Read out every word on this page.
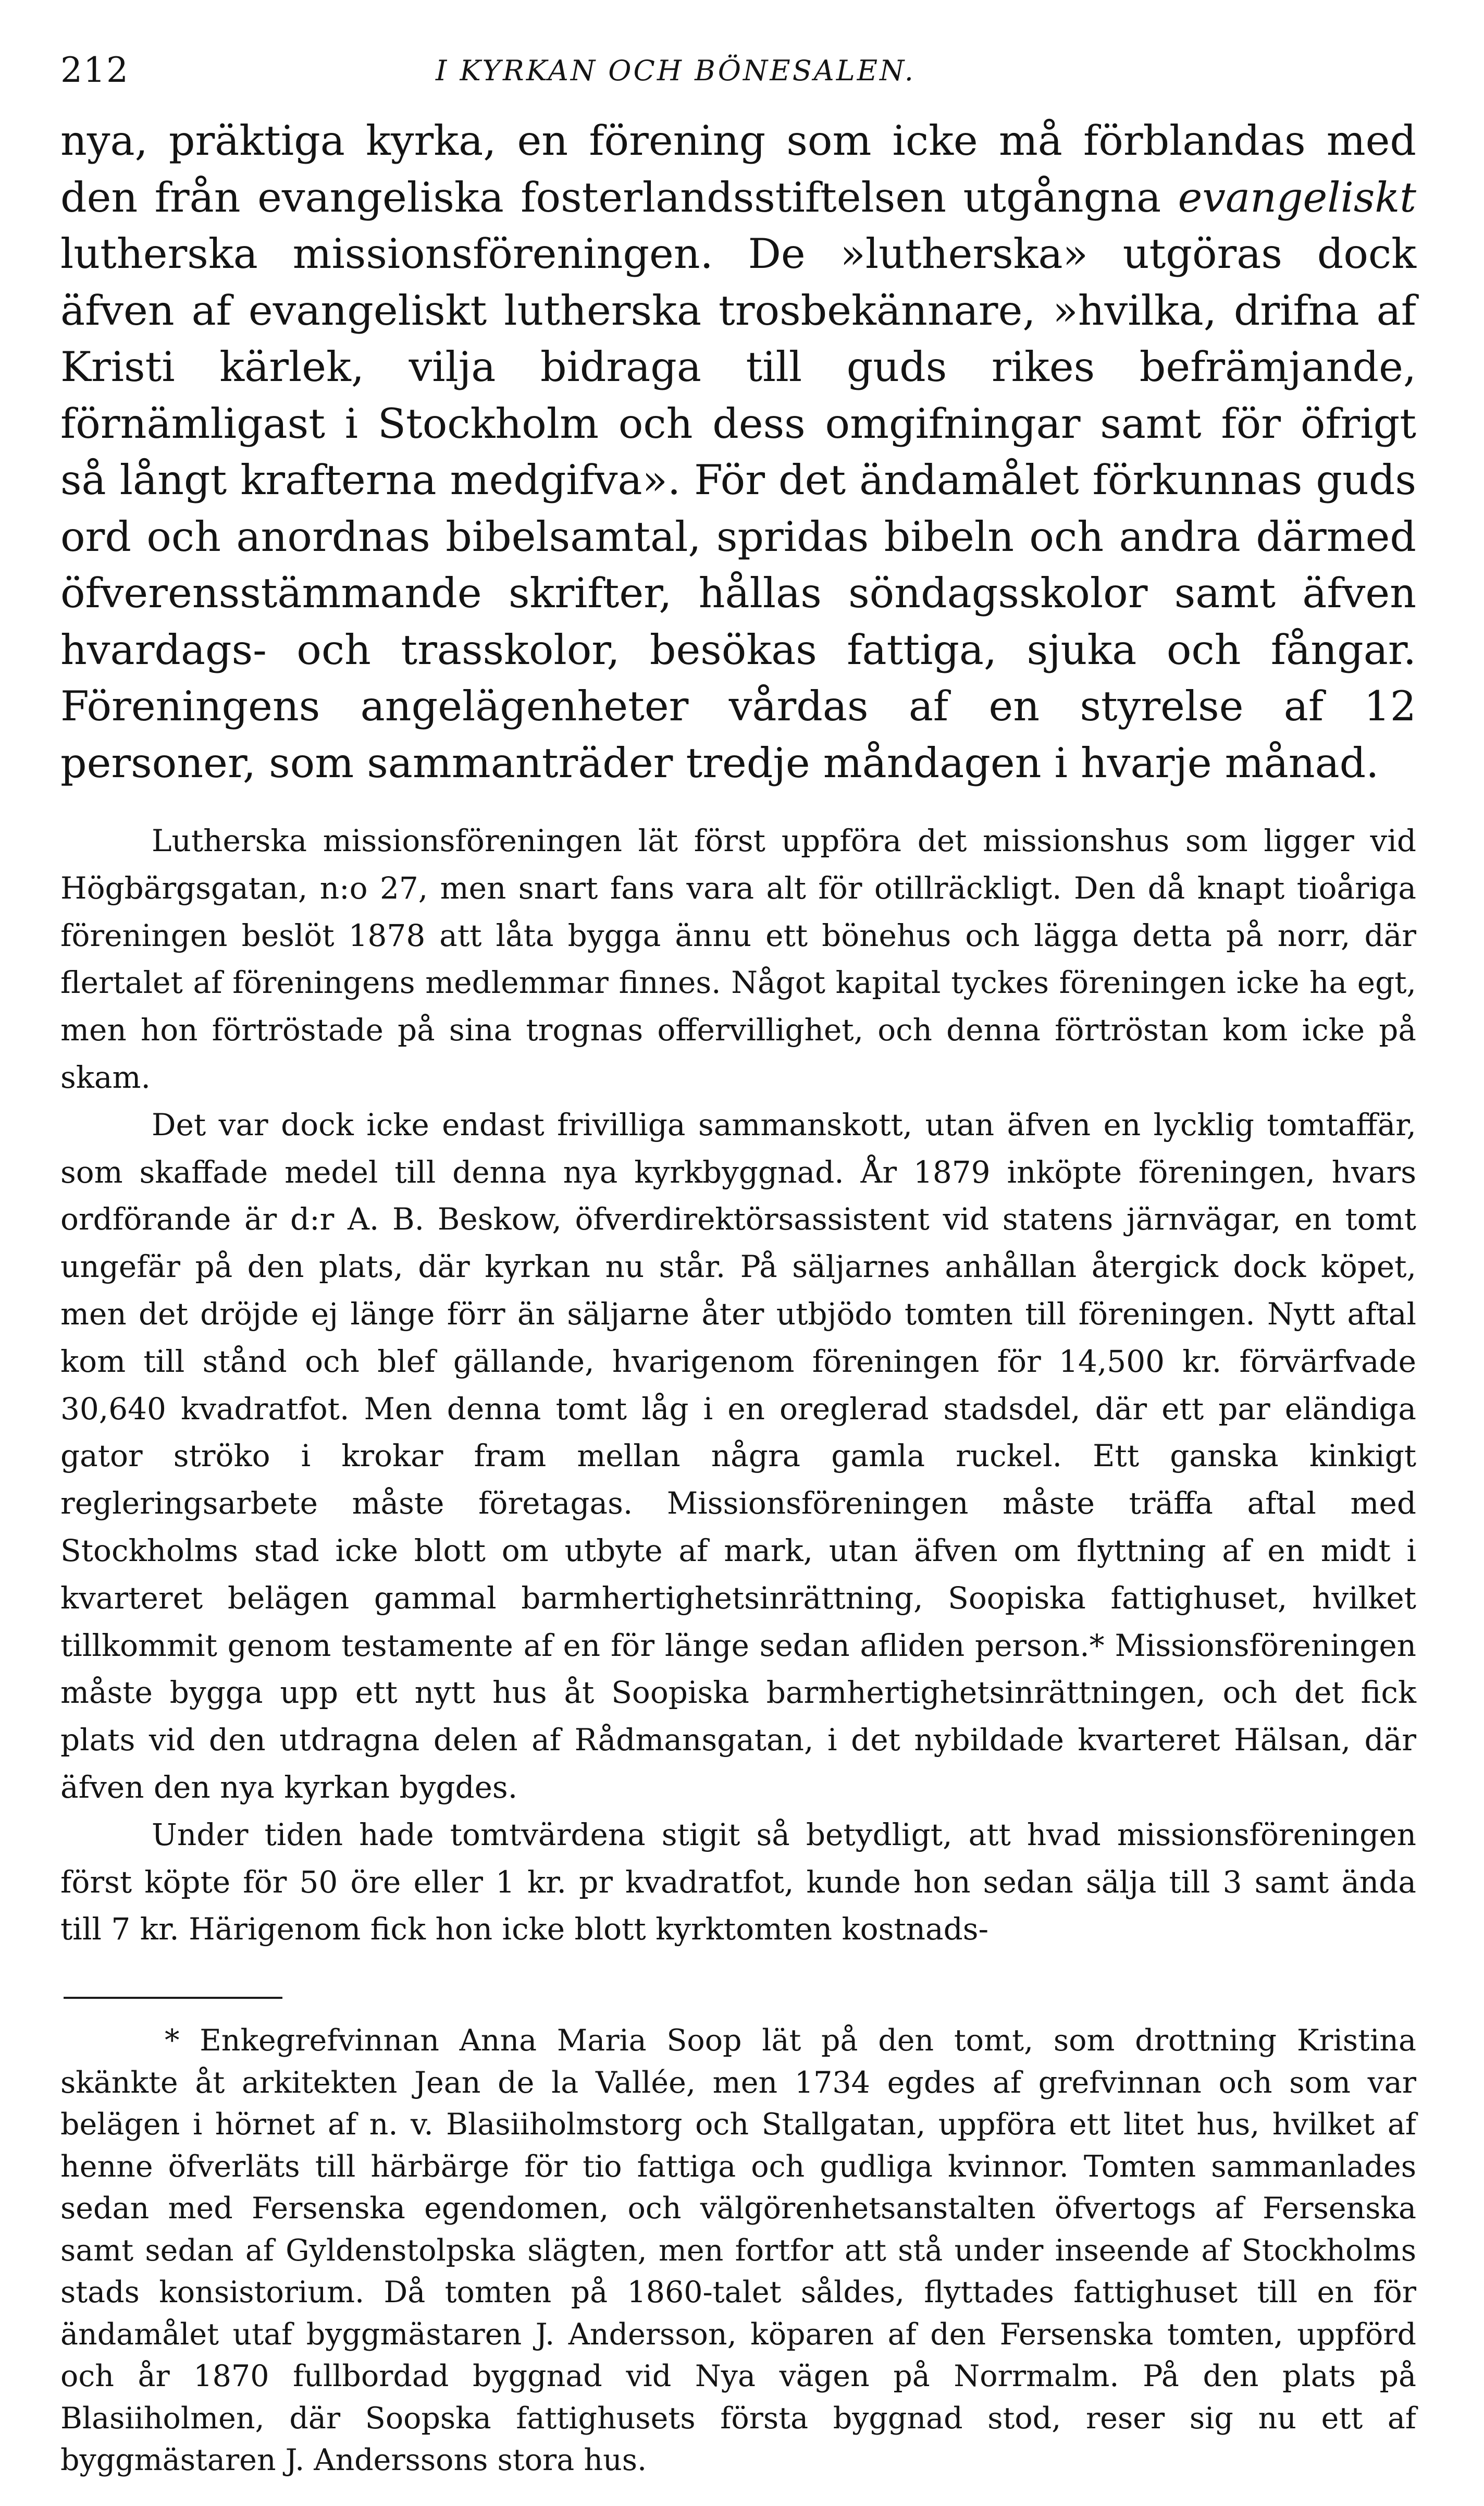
212	I KYRKAN OCH BÖNESALEN.

nya, präktiga kyrka, en förening som icke må förblandas med den från evangeliska fosterlandsstiftelsen utgångna evangeliskt lutherska missionsföreningen. De »lutherska» utgöras dock äfven af evangeliskt lutherska trosbekännare, »hvilka, drifna af Kristi kärlek, vilja bidraga till guds rikes befrämjande, förnämligast i Stockholm och dess omgifningar samt för öfrigt så långt krafterna medgifva». För det ändamålet förkunnas guds ord och anordnas bibelsamtal, spridas bibeln och andra därmed öfverensstämmande skrifter, hållas söndagsskolor samt äfven hvardags- och trasskolor, besökas fattiga, sjuka och fångar. Föreningens angelägenheter vårdas af en styrelse af 12 personer, som sammanträder tredje måndagen i hvarje månad.

Lutherska missionsföreningen lät först uppföra det missionshus som ligger vid Högbärgsgatan, n:o 27, men snart fans vara alt för otillräckligt. Den då knapt tioåriga föreningen beslöt 1878 att låta bygga ännu ett bönehus och lägga detta på norr, där flertalet af föreningens medlemmar finnes. Något kapital tyckes föreningen icke ha egt, men hon förtröstade på sina trognas offervillighet, och denna förtröstan kom icke på skam.

Det var dock icke endast frivilliga sammanskott, utan äfven en lycklig tomtaffär, som skaffade medel till denna nya kyrkbyggnad. År 1879 inköpte föreningen, hvars ordförande är d:r A. B. Beskow, öfverdirektörsassistent vid statens järnvägar, en tomt ungefär på den plats, där kyrkan nu står. På säljarnes anhållan återgick dock köpet, men det dröjde ej länge förr än säljarne åter utbjödo tomten till föreningen. Nytt aftal kom till stånd och blef gällande, hvarigenom föreningen för 14,500 kr. förvärfvade 30,640 kvadratfot. Men denna tomt låg i en oreglerad stadsdel, där ett par eländiga gator ströko i krokar fram mellan några gamla ruckel. Ett ganska kinkigt regleringsarbete måste företagas. Missionsföreningen måste träffa aftal med Stockholms stad icke blott om utbyte af mark, utan äfven om flyttning af en midt i kvarteret belägen gammal barmhertighetsinrättning, Soopiska fattighuset, hvilket tillkommit genom testamente af en för länge sedan afliden person.* Missionsföreningen måste bygga upp ett nytt hus åt Soopiska barmhertighetsinrättningen, och det fick plats vid den utdragna delen af Rådmansgatan, i det nybildade kvarteret Hälsan, där äfven den nya kyrkan bygdes.

Under tiden hade tomtvärdena stigit så betydligt, att hvad missionsföreningen först köpte för 50 öre eller 1 kr. pr kvadratfot, kunde hon sedan sälja till 3 samt ända till 7 kr. Härigenom fick hon icke blott kyrktomten kostnads-

* Enkegrefvinnan Anna Maria Soop lät på den tomt, som drottning Kristina skänkte åt arkitekten Jean de la Vallée, men 1734 egdes af grefvinnan och som var belägen i hörnet af n. v. Blasiiholmstorg och Stallgatan, uppföra ett litet hus, hvilket af henne öfverläts till härbärge för tio fattiga och gudliga kvinnor. Tomten sammanlades sedan med Fersenska egendomen, och välgörenhetsanstalten öfvertogs af Fersenska samt sedan af Gyldenstolpska slägten, men fortfor att stå under inseende af Stockholms stads konsistorium. Då tomten på 1860-talet såldes, flyttades fattighuset till en för ändamålet utaf byggmästaren J. Andersson, köparen af den Fersenska tomten, uppförd och år 1870 fullbordad byggnad vid Nya vägen på Norrmalm. På den plats på Blasiiholmen, där Soopska fattighusets första byggnad stod, reser sig nu ett af byggmästaren J. Anderssons stora hus.
